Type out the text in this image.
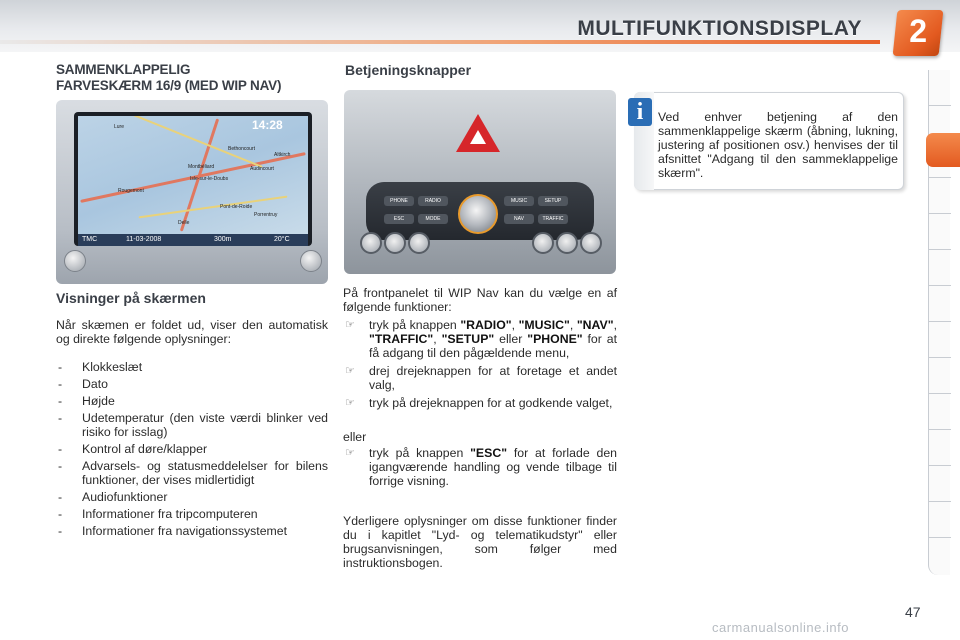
MULTIFUNKTIONSDISPLAY	2
SAMMENKLAPPELIG
FARVESKÆRM 16/9 (MED WIP NAV)
Lure
Bethoncourt
Montbéliard
Isle-sur-le-Doubs
Rougemont
Audincourt
Pont-de-Roide
Porrentruy
Altkirch
Delle
14:28
TMC	11-03-2008	300m	20°C
Visninger på skærmen
Når skæmen er foldet ud, viser den automatisk og direkte følgende oplysninger:
- Klokkeslæt
- Dato
- Højde
- Udetemperatur (den viste værdi blinker ved risiko for isslag)
- Kontrol af døre/klapper
- Advarsels- og statusmeddelelser for bilens funktioner, der vises midlertidigt
- Audiofunktioner
- Informationer fra tripcomputeren
- Informationer fra navigationssystemet
Betjeningsknapper
RADIO
MODE
MUSIC
NAV
SETUP
TRAFFIC
PHONE
ESC
På frontpanelet til WIP Nav kan du vælge en af følgende funktioner:
☞ tryk på knappen "RADIO", "MUSIC", "NAV", "TRAFFIC", "SETUP" eller "PHONE" for at få adgang til den pågældende menu,
☞ drej drejeknappen for at foretage et andet valg,
☞ tryk på drejeknappen for at godkende valget,
eller
☞ tryk på knappen "ESC" for at forlade den igangværende handling og vende tilbage til forrige visning.
Yderligere oplysninger om disse funktioner finder du i kapitlet "Lyd- og telematikudstyr" eller brugsanvisningen, som følger med instruktionsbogen.
i	Ved enhver betjening af den sammenklappelige skærm (åbning, lukning, justering af positionen osv.) henvises der til afsnittet "Adgang til den sammeklappelige skærm".
47
carmanualsonline.info
